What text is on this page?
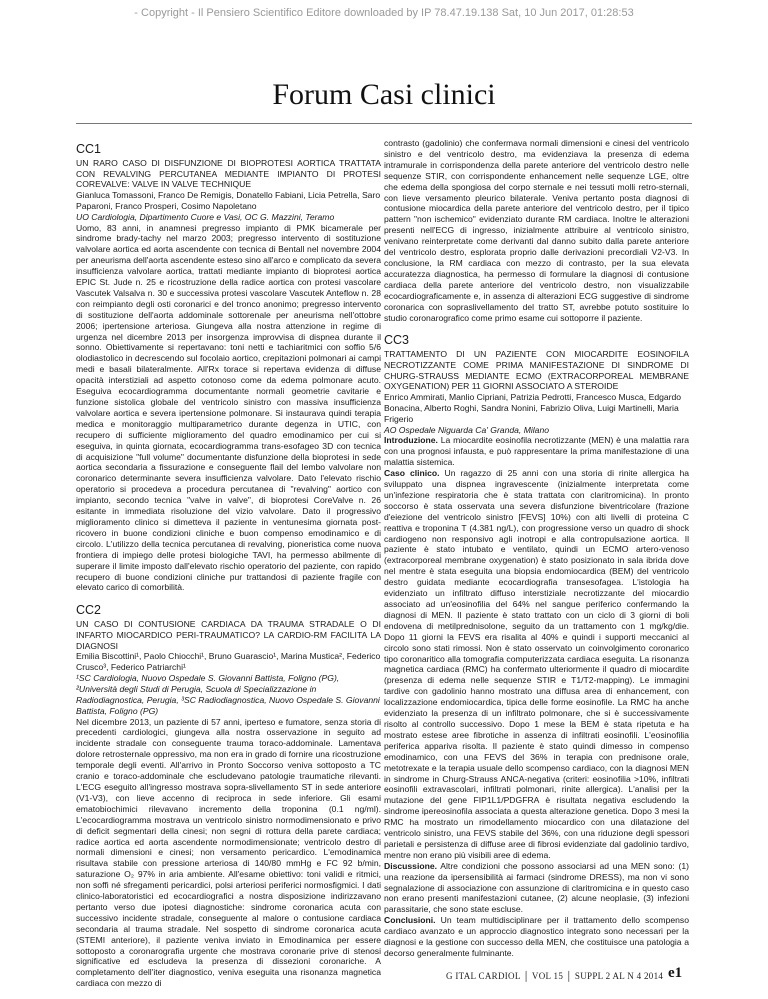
- Copyright - Il Pensiero Scientifico Editore downloaded by IP 78.47.19.138 Sat, 10 Jun 2017, 01:28:53
Forum Casi clinici
CC1
UN RARO CASO DI DISFUNZIONE DI BIOPROTESI AORTICA TRATTATA CON REVALVING PERCUTANEA MEDIANTE IMPIANTO DI PROTESI COREVALVE: VALVE IN VALVE TECHNIQUE

Gianluca Tomassoni, Franco De Remigis, Donatello Fabiani, Licia Petrella, Saro Paparoni, Franco Prosperi, Cosimo Napoletano

UO Cardiologia, Dipartimento Cuore e Vasi, OC G. Mazzini, Teramo

Uomo, 83 anni, in anamnesi pregresso impianto di PMK bicamerale per sindrome brady-tachy nel marzo 2003; pregresso intervento di sostituzione valvolare aortica ed aorta ascendente con tecnica di Bentall nel novembre 2004 per aneurisma dell'aorta ascendente esteso sino all'arco e complicato da severa insufficienza valvolare aortica, trattati mediante impianto di bioprotesi aortica EPIC St. Jude n. 25 e ricostruzione della radice aortica con protesi vascolare Vascutek Valsalva n. 30 e successiva protesi vascolare Vascutek Anteflow n. 28 con reimpianto degli osti coronarici e del tronco anonimo; pregresso intervento di sostituzione dell'aorta addominale sottorenale per aneurisma nell'ottobre 2006; ipertensione arteriosa. Giungeva alla nostra attenzione in regime di urgenza nel dicembre 2013 per insorgenza improvvisa di dispnea durante il sonno. Obiettivamente si repertavano: toni netti e tachiaritmici con soffio 5/6 olodiastolico in decrescendo sul focolaio aortico, crepitazioni polmonari ai campi medi e basali bilateralmente. All'Rx torace si repertava evidenza di diffuse opacità interstiziali ad aspetto cotonoso come da edema polmonare acuto. Eseguiva ecocardiogramma documentante normali geometrie cavitarie e funzione sistolica globale del ventricolo sinistro con massiva insufficienza valvolare aortica e severa ipertensione polmonare. Si instaurava quindi terapia medica e monitoraggio multiparametrico durante degenza in UTIC, con recupero di sufficiente miglioramento del quadro emodinamico per cui si eseguiva, in quinta giornata, ecocardiogramma trans-esofageo 3D con tecnica di acquisizione "full volume" documentante disfunzione della bioprotesi in sede aortica secondaria a fissurazione e conseguente flail del lembo valvolare non coronarico determinante severa insufficienza valvolare. Dato l'elevato rischio operatorio si procedeva a procedura percutanea di "revalving" aortico con impianto, secondo tecnica "valve in valve", di bioprotesi CoreValve n. 26 esitante in immediata risoluzione del vizio valvolare. Dato il progressivo miglioramento clinico si dimetteva il paziente in ventunesima giornata post-ricovero in buone condizioni cliniche e buon compenso emodinamico e di circolo. L'utilizzo della tecnica percutanea di revalving, pioneristica come nuova frontiera di impiego delle protesi biologiche TAVI, ha permesso abilmente di superare il limite imposto dall'elevato rischio operatorio del paziente, con rapido recupero di buone condizioni cliniche pur trattandosi di paziente fragile con elevato carico di comorbilità.

CC2
UN CASO DI CONTUSIONE CARDIACA DA TRAUMA STRADALE O DI INFARTO MIOCARDICO PERI-TRAUMATICO? LA CARDIO-RM FACILITA LA DIAGNOSI

Emilia Biscottini¹, Paolo Chiocchi¹, Bruno Guarascio¹, Marina Mustica², Federico Crusco³, Federico Patriarchi¹

¹SC Cardiologia, Nuovo Ospedale S. Giovanni Battista, Foligno (PG), ²Università degli Studi di Perugia, Scuola di Specializzazione in Radiodiagnostica, Perugia, ³SC Radiodiagnostica, Nuovo Ospedale S. Giovanni Battista, Foligno (PG)

Nel dicembre 2013, un paziente di 57 anni, iperteso e fumatore, senza storia di precedenti cardiologici, giungeva alla nostra osservazione in seguito ad incidente stradale con conseguente trauma toraco-addominale. Lamentava dolore retrosternale oppressivo, ma non era in grado di fornire una ricostruzione temporale degli eventi. All'arrivo in Pronto Soccorso veniva sottoposto a TC cranio e toraco-addominale che escludevano patologie traumatiche rilevanti. L'ECG eseguito all'ingresso mostrava sopra-slivellamento ST in sede anteriore (V1-V3), con lieve accenno di reciproca in sede inferiore. Gli esami ematobiochimici rilevavano incremento della troponina (0.1 ng/ml). L'ecocardiogramma mostrava un ventricolo sinistro normodimensionato e privo di deficit segmentari della cinesi; non segni di rottura della parete cardiaca; radice aortica ed aorta ascendente normodimensionate; ventricolo destro di normali dimensioni e cinesi; non versamento pericardico. L'emodinamica risultava stabile con pressione arteriosa di 140/80 mmHg e FC 92 b/min, saturazione O₂ 97% in aria ambiente. All'esame obiettivo: toni validi e ritmici, non soffi né sfregamenti pericardici, polsi arteriosi periferici normosfigmici. I dati clinico-laboratoristici ed ecocardiografici a nostra disposizione indirizzavano pertanto verso due ipotesi diagnostiche: sindrome coronarica acuta con successivo incidente stradale, conseguente al malore o contusione cardiaca secondaria al trauma stradale. Nel sospetto di sindrome coronarica acuta (STEMI anteriore), il paziente veniva inviato in Emodinamica per essere sottoposto a coronarografia urgente che mostrava coronarie prive di stenosi significative ed escludeva la presenza di dissezioni coronariche. A completamento dell'iter diagnostico, veniva eseguita una risonanza magnetica cardiaca con mezzo di

contrasto (gadolinio) che confermava normali dimensioni e cinesi del ventricolo sinistro e del ventricolo destro, ma evidenziava la presenza di edema intramurale in corrispondenza della parete anteriore del ventricolo destro nelle sequenze STIR, con corrispondente enhancement nelle sequenze LGE, oltre che edema della spongiosa del corpo sternale e nei tessuti molli retro-sternali, con lieve versamento pleurico bilaterale. Veniva pertanto posta diagnosi di contusione miocardica della parete anteriore del ventricolo destro, per il tipico pattern "non ischemico" evidenziato durante RM cardiaca. Inoltre le alterazioni presenti nell'ECG di ingresso, inizialmente attribuire al ventricolo sinistro, venivano reinterpretate come derivanti dal danno subito dalla parete anteriore del ventricolo destro, esplorata proprio dalle derivazioni precordiali V2-V3. In conclusione, la RM cardiaca con mezzo di contrasto, per la sua elevata accuratezza diagnostica, ha permesso di formulare la diagnosi di contusione cardiaca della parete anteriore del ventricolo destro, non visualizzabile ecocardiograficamente e, in assenza di alterazioni ECG suggestive di sindrome coronarica con sopraslivellamento del tratto ST, avrebbe potuto sostituire lo studio coronarografico come primo esame cui sottoporre il paziente.

CC3
TRATTAMENTO DI UN PAZIENTE CON MIOCARDITE EOSINOFILA NECROTIZZANTE COME PRIMA MANIFESTAZIONE DI SINDROME DI CHURG-STRAUSS MEDIANTE ECMO (EXTRACORPOREAL MEMBRANE OXYGENATION) PER 11 GIORNI ASSOCIATO A STEROIDE

Enrico Ammirati, Manlio Cipriani, Patrizia Pedrotti, Francesco Musca, Edgardo Bonacina, Alberto Roghi, Sandra Nonini, Fabrizio Oliva, Luigi Martinelli, Maria Frigerio

AO Ospedale Niguarda Ca' Granda, Milano

Introduzione. La miocardite eosinofila necrotizzante (MEN) è una malattia rara con una prognosi infausta, e può rappresentare la prima manifestazione di una malattia sistemica.

Caso clinico. Un ragazzo di 25 anni con una storia di rinite allergica ha sviluppato una dispnea ingravescente (inizialmente interpretata come un'infezione respiratoria che è stata trattata con claritromicina). In pronto soccorso è stata osservata una severa disfunzione biventricolare (frazione d'eiezione del ventricolo sinistro [FEVS] 10%) con alti livelli di proteina C reattiva e troponina T (4.381 ng/L), con progressione verso un quadro di shock cardiogeno non responsivo agli inotropi e alla contropulsazione aortica. Il paziente è stato intubato e ventilato, quindi un ECMO artero-venoso (extracorporeal membrane oxygenation) è stato posizionato in sala ibrida dove nel mentre è stata eseguita una biopsia endomiocardica (BEM) del ventricolo destro guidata mediante ecocardiografia transesofagea. L'istologia ha evidenziato un infiltrato diffuso interstiziale necrotizzante del miocardio associato ad un'eosinofilia del 64% nel sangue periferico confermando la diagnosi di MEN. Il paziente è stato trattato con un ciclo di 3 giorni di boli endovena di metilprednisolone, seguito da un trattamento con 1 mg/kg/die. Dopo 11 giorni la FEVS era risalita al 40% e quindi i supporti meccanici al circolo sono stati rimossi. Non è stato osservato un coinvolgimento coronarico tipo coronaritico alla tomografia computerizzata cardiaca eseguita. La risonanza magnetica cardiaca (RMC) ha confermato ulteriormente il quadro di miocardite (presenza di edema nelle sequenze STIR e T1/T2-mapping). Le immagini tardive con gadolinio hanno mostrato una diffusa area di enhancement, con localizzazione endomiocardica, tipica delle forme eosinofile. La RMC ha anche evidenziato la presenza di un infiltrato polmonare, che si è successivamente risolto al controllo successivo. Dopo 1 mese la BEM è stata ripetuta e ha mostrato estese aree fibrotiche in assenza di infiltrati eosinofili. L'eosinofilia periferica appariva risolta. Il paziente è stato quindi dimesso in compenso emodinamico, con una FEVS del 36% in terapia con prednisone orale, metotrexate e la terapia usuale dello scompenso cardiaco, con la diagnosi MEN in sindrome in Churg-Strauss ANCA-negativa (criteri: eosinofilia >10%, infiltrati eosinofili extravascolari, infiltrati polmonari, rinite allergica). L'analisi per la mutazione del gene FIP1L1/PDGFRA è risultata negativa escludendo la sindrome ipereosinofila associata a questa alterazione genetica. Dopo 3 mesi la RMC ha mostrato un rimodellamento miocardico con una dilatazione del ventricolo sinistro, una FEVS stabile del 36%, con una riduzione degli spessori parietali e persistenza di diffuse aree di fibrosi evidenziate dal gadolinio tardivo, mentre non erano più visibili aree di edema.

Discussione. Altre condizioni che possono associarsi ad una MEN sono: (1) una reazione da ipersensibilità ai farmaci (sindrome DRESS), ma non vi sono segnalazione di associazione con assunzione di claritromicina e in questo caso non erano presenti manifestazioni cutanee, (2) alcune neoplasie, (3) infezioni parassitarie, che sono state escluse.

Conclusioni. Un team multidisciplinare per il trattamento dello scompenso cardiaco avanzato e un approccio diagnostico integrato sono necessari per la diagnosi e la gestione con successo della MEN, che costituisce una patologia a decorso generalmente fulminante.

G ITAL CARDIOL │ VOL 15 │ SUPPL 2 AL N 4 2014 e1
